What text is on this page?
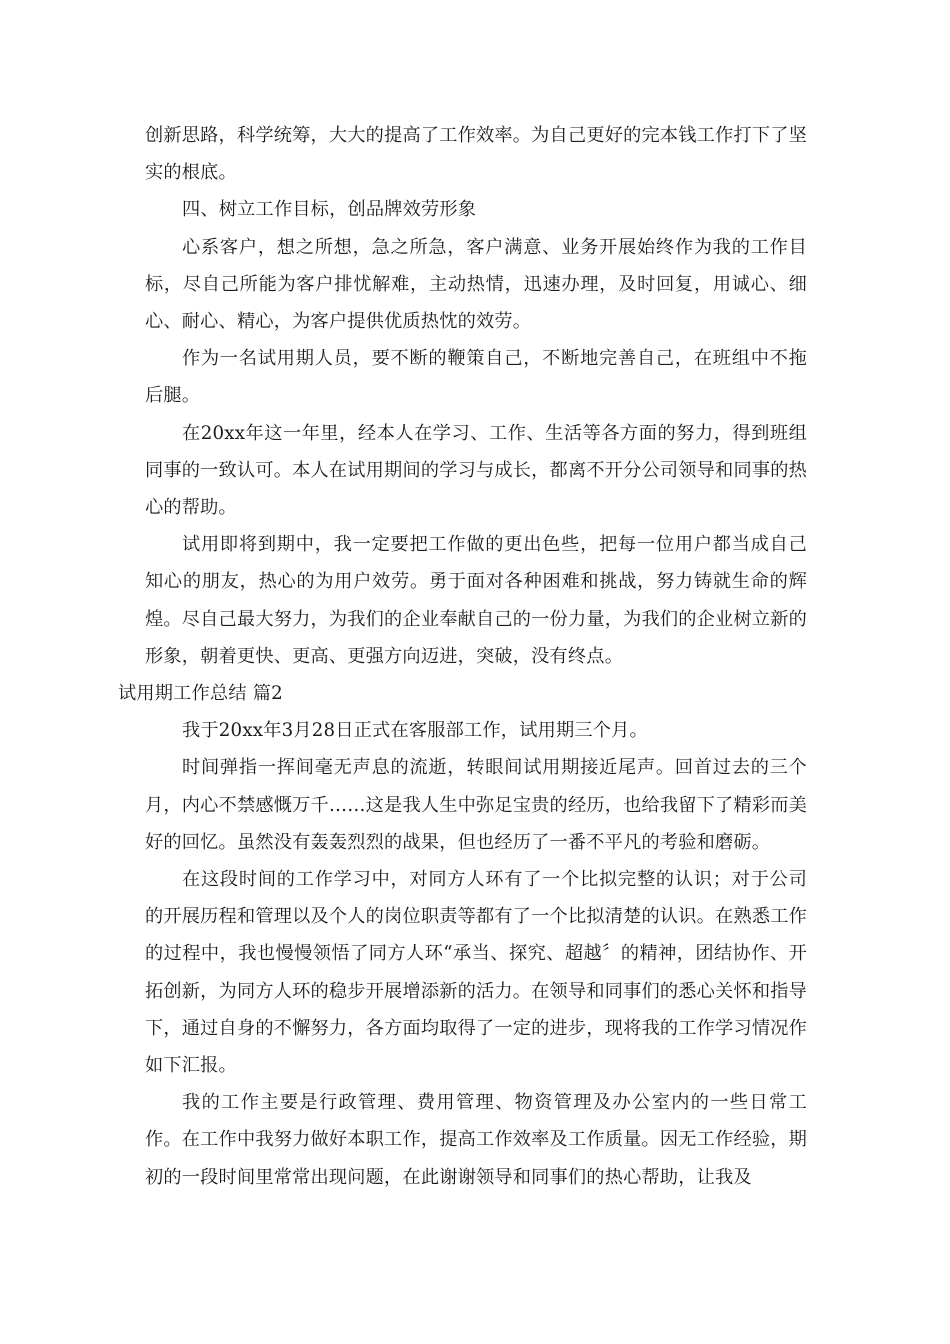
创新思路，科学统筹，大大的提高了工作效率。为自己更好的完本钱工作打下了坚实的根底。

四、树立工作目标，创品牌效劳形象

心系客户，想之所想，急之所急，客户满意、业务开展始终作为我的工作目标，尽自己所能为客户排忧解难，主动热情，迅速办理，及时回复，用诚心、细心、耐心、精心，为客户提供优质热忱的效劳。

作为一名试用期人员，要不断的鞭策自己，不断地完善自己，在班组中不拖后腿。

在20xx年这一年里，经本人在学习、工作、生活等各方面的努力，得到班组同事的一致认可。本人在试用期间的学习与成长，都离不开分公司领导和同事的热心的帮助。

试用即将到期中，我一定要把工作做的更出色些，把每一位用户都当成自己知心的朋友，热心的为用户效劳。勇于面对各种困难和挑战，努力铸就生命的辉煌。尽自己最大努力，为我们的企业奉献自己的一份力量，为我们的企业树立新的形象，朝着更快、更高、更强方向迈进，突破，没有终点。

试用期工作总结 篇2

我于20xx年3月28日正式在客服部工作，试用期三个月。

时间弹指一挥间毫无声息的流逝，转眼间试用期接近尾声。回首过去的三个月，内心不禁感慨万千……这是我人生中弥足宝贵的经历，也给我留下了精彩而美好的回忆。虽然没有轰轰烈烈的战果，但也经历了一番不平凡的考验和磨砺。

在这段时间的工作学习中，对同方人环有了一个比拟完整的认识；对于公司的开展历程和管理以及个人的岗位职责等都有了一个比拟清楚的认识。在熟悉工作的过程中，我也慢慢领悟了同方人环“承当、探究、超越〞的精神，团结协作、开拓创新，为同方人环的稳步开展增添新的活力。在领导和同事们的悉心关怀和指导下，通过自身的不懈努力，各方面均取得了一定的进步，现将我的工作学习情况作如下汇报。

我的工作主要是行政管理、费用管理、物资管理及办公室内的一些日常工作。在工作中我努力做好本职工作，提高工作效率及工作质量。因无工作经验，期初的一段时间里常常出现问题，在此谢谢领导和同事们的热心帮助，让我及
